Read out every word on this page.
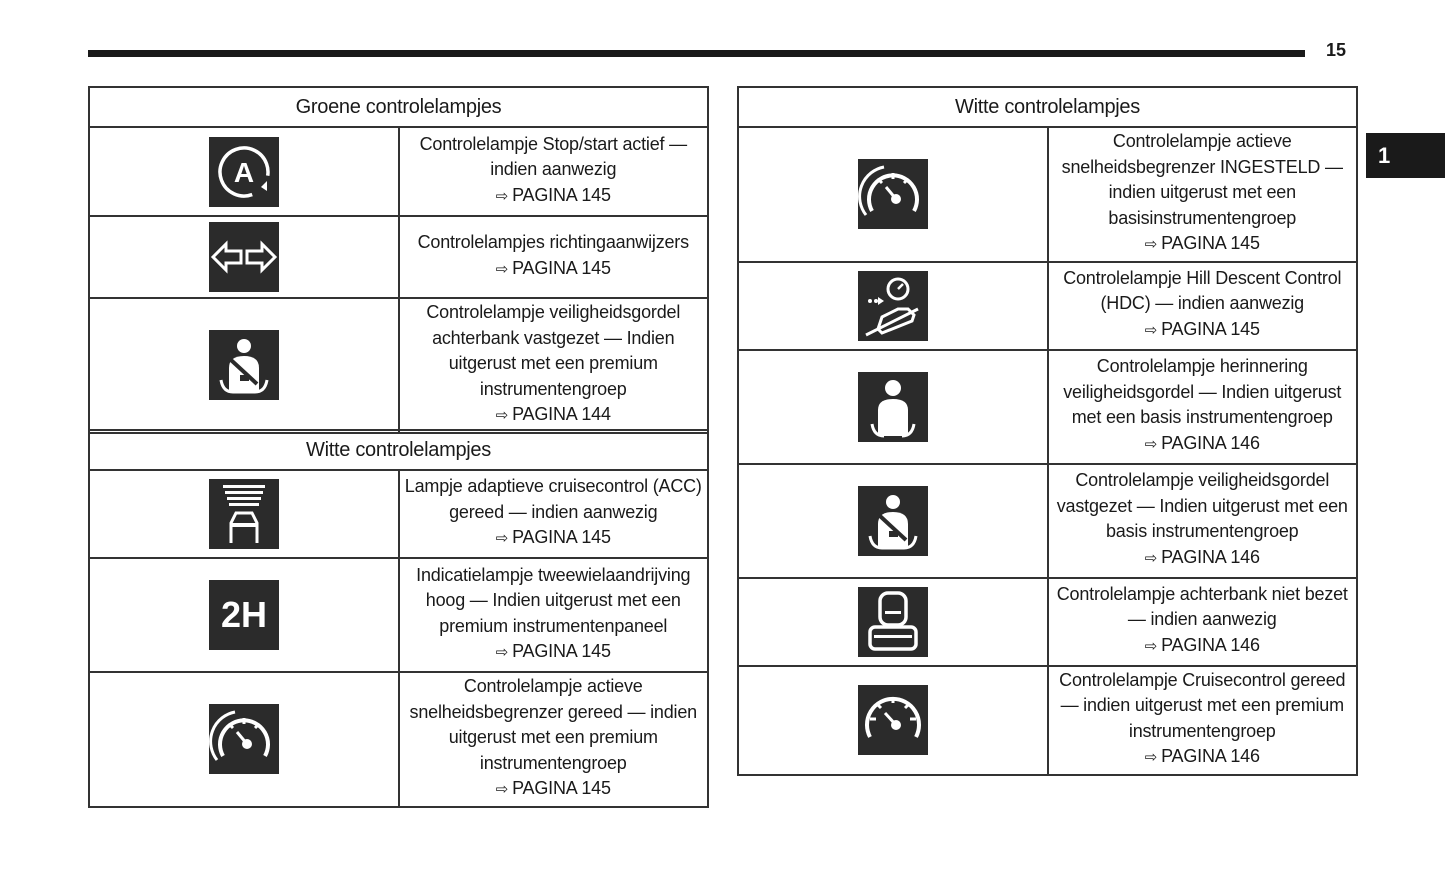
15
1
Groene controlelampjes	

A	Controlelampje Stop/start actief — indien aanwezig
⇨ PAGINA 145

	Controlelampjes richtingaanwijzers
⇨ PAGINA 145

	Controlelampje veiligheidsgordel achterbank vastgezet — Indien uitgerust met een premium instrumentengroep
⇨ PAGINA 144
Witte controlelampjes	

	Lampje adaptieve cruisecontrol (ACC) gereed — indien aanwezig
⇨ PAGINA 145

2H	Indicatielampje tweewielaandrijving hoog — Indien uitgerust met een premium instrumentenpaneel
⇨ PAGINA 145

	Controlelampje actieve snelheidsbegrenzer gereed — indien uitgerust met een premium instrumentengroep
⇨ PAGINA 145
Witte controlelampjes	

	Controlelampje actieve snelheidsbegrenzer INGESTELD — indien uitgerust met een basisinstrumentengroep
⇨ PAGINA 145

	Controlelampje Hill Descent Control (HDC) — indien aanwezig
⇨ PAGINA 145

	Controlelampje herinnering veiligheidsgordel — Indien uitgerust met een basis instrumentengroep
⇨ PAGINA 146

	Controlelampje veiligheidsgordel vastgezet — Indien uitgerust met een basis instrumentengroep
⇨ PAGINA 146

	Controlelampje achterbank niet bezet — indien aanwezig
⇨ PAGINA 146

	Controlelampje Cruisecontrol gereed — indien uitgerust met een premium instrumentengroep
⇨ PAGINA 146
